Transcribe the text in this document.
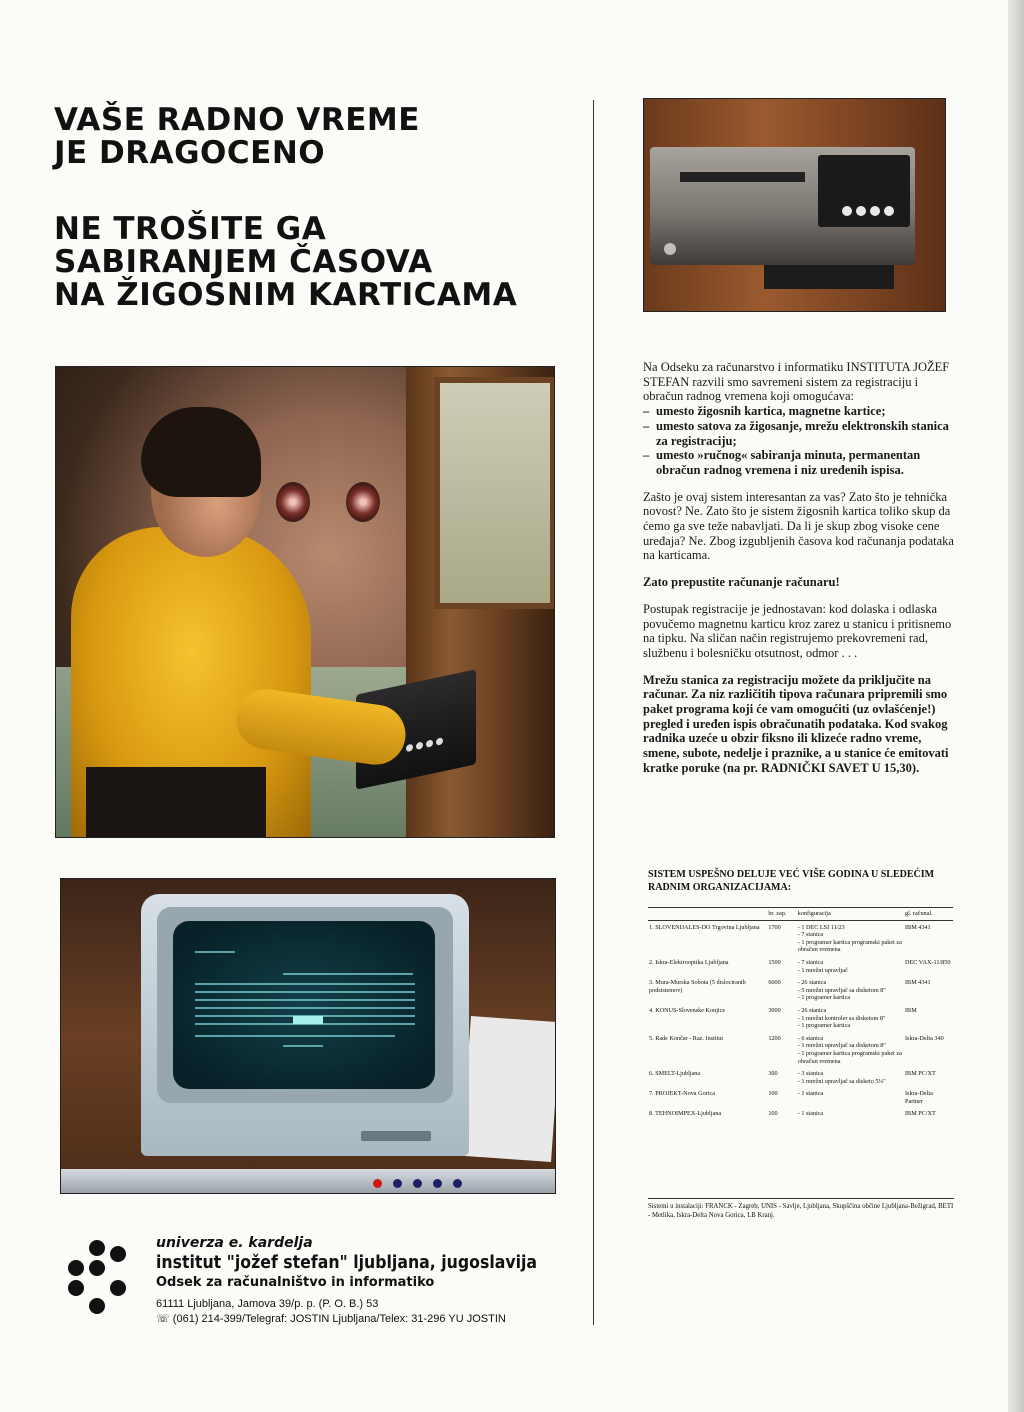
VAŠE RADNO VREME
JE DRAGOCENO
NE TROŠITE GA
SABIRANJEM ČASOVA
NA ŽIGOSNIM KARTICAMA

Na Odseku za računarstvo i informatiku INSTITUTA JOŽEF STEFAN razvili smo savremeni sistem za registraciju i obračun radnog vremena koji omogućava:

– umesto žigosnih kartica, magnetne kartice;
– umesto satova za žigosanje, mrežu elektronskih stanica za registraciju;
– umesto »ručnog« sabiranja minuta, permanentan obračun radnog vremena i niz uređenih ispisa.

Zašto je ovaj sistem interesantan za vas? Zato što je tehnička novost? Ne. Zato što je sistem žigosnih kartica toliko skup da ćemo ga sve teže nabavljati. Da li je skup zbog visoke cene uređaja? Ne. Zbog izgubljenih časova kod računanja podataka na karticama.

Zato prepustite računanje računaru!

Postupak registracije je jednostavan: kod dolaska i odlaska povučemo magnetnu karticu kroz zarez u stanicu i pritisnemo na tipku. Na sličan način registrujemo prekovremeni rad, službenu i bolesničku otsutnost, odmor . . .

Mrežu stanica za registraciju možete da priključite na računar. Za niz različitih tipova računara pripremili smo paket programa koji će vam omogućiti (uz ovlašćenje!) pregled i uređen ispis obračunatih podataka. Kod svakog radnika uzeće u obzir fiksno ili klizeće radno vreme, smene, subote, nedelje i praznike, a u stanice će emitovati kratke poruke (na pr. RADNIČKI SAVET U 15,30).

SISTEM USPEŠNO DELUJE VEĆ VIŠE GODINA U SLEDEĆIM RADNIM ORGANIZACIJAMA:
	br. zap.	konfiguracija	gl. računal.
1. SLOVENIJALES-DO Trgovina Ljubljana	1700	- 1 DEC LSI 11/23
- 7 stanica
- 1 programer kartica programski paket za obračun vremena	IBM 4341
2. Iskra-Elektrooptika Ljubljana	1500	- 7 stanica
- 1 mrežni upravljač	DEC VAX-11/850
3. Mura-Murska Sobota (5 dislociranih podsistemov)	6000	- 26 stanica
- 5 mrežni upravljač sa disketom 8"
- 1 programer kartica	IBM 4341
4. KONUS-Slovenske Konjice	3000	- 26 stanica
- 1 mrežni kontroler sa disketom 8"
- 1 programer kartica	IBM
5. Rade Končar - Raz. Institut	1200	- 6 stanica
- 1 mrežni upravljač sa disketom 8"
- 1 programer kartica programski paket za obračun vremena	Iskra-Delta 340
6. SMELT-Ljubljana	300	- 3 stanica
- 1 mrežni upravljač sa disketo 5¼"	IBM PC/XT
7. PROJEKT-Nova Gorica	100	- 1 stanica	Iskra-Delta Partner
8. TEHNOIMPEX-Ljubljana	100	- 1 stanica	IBM PC/XT

Sistemi u instalaciji: FRANCK - Zagreb, UNIS - Savlje, Ljubljana, Skupščina občine Ljubljana-Bežigrad, BETI - Metlika, Iskra-Delta Nova Gorica, LB Kranj.

univerza e. kardelja

institut "jožef stefan" ljubljana, jugoslavija

Odsek za računalništvo in informatiko

61111 Ljubljana, Jamova 39/p. p. (P. O. B.) 53

☏ (061) 214-399/Telegraf: JOSTIN Ljubljana/Telex: 31-296 YU JOSTIN
